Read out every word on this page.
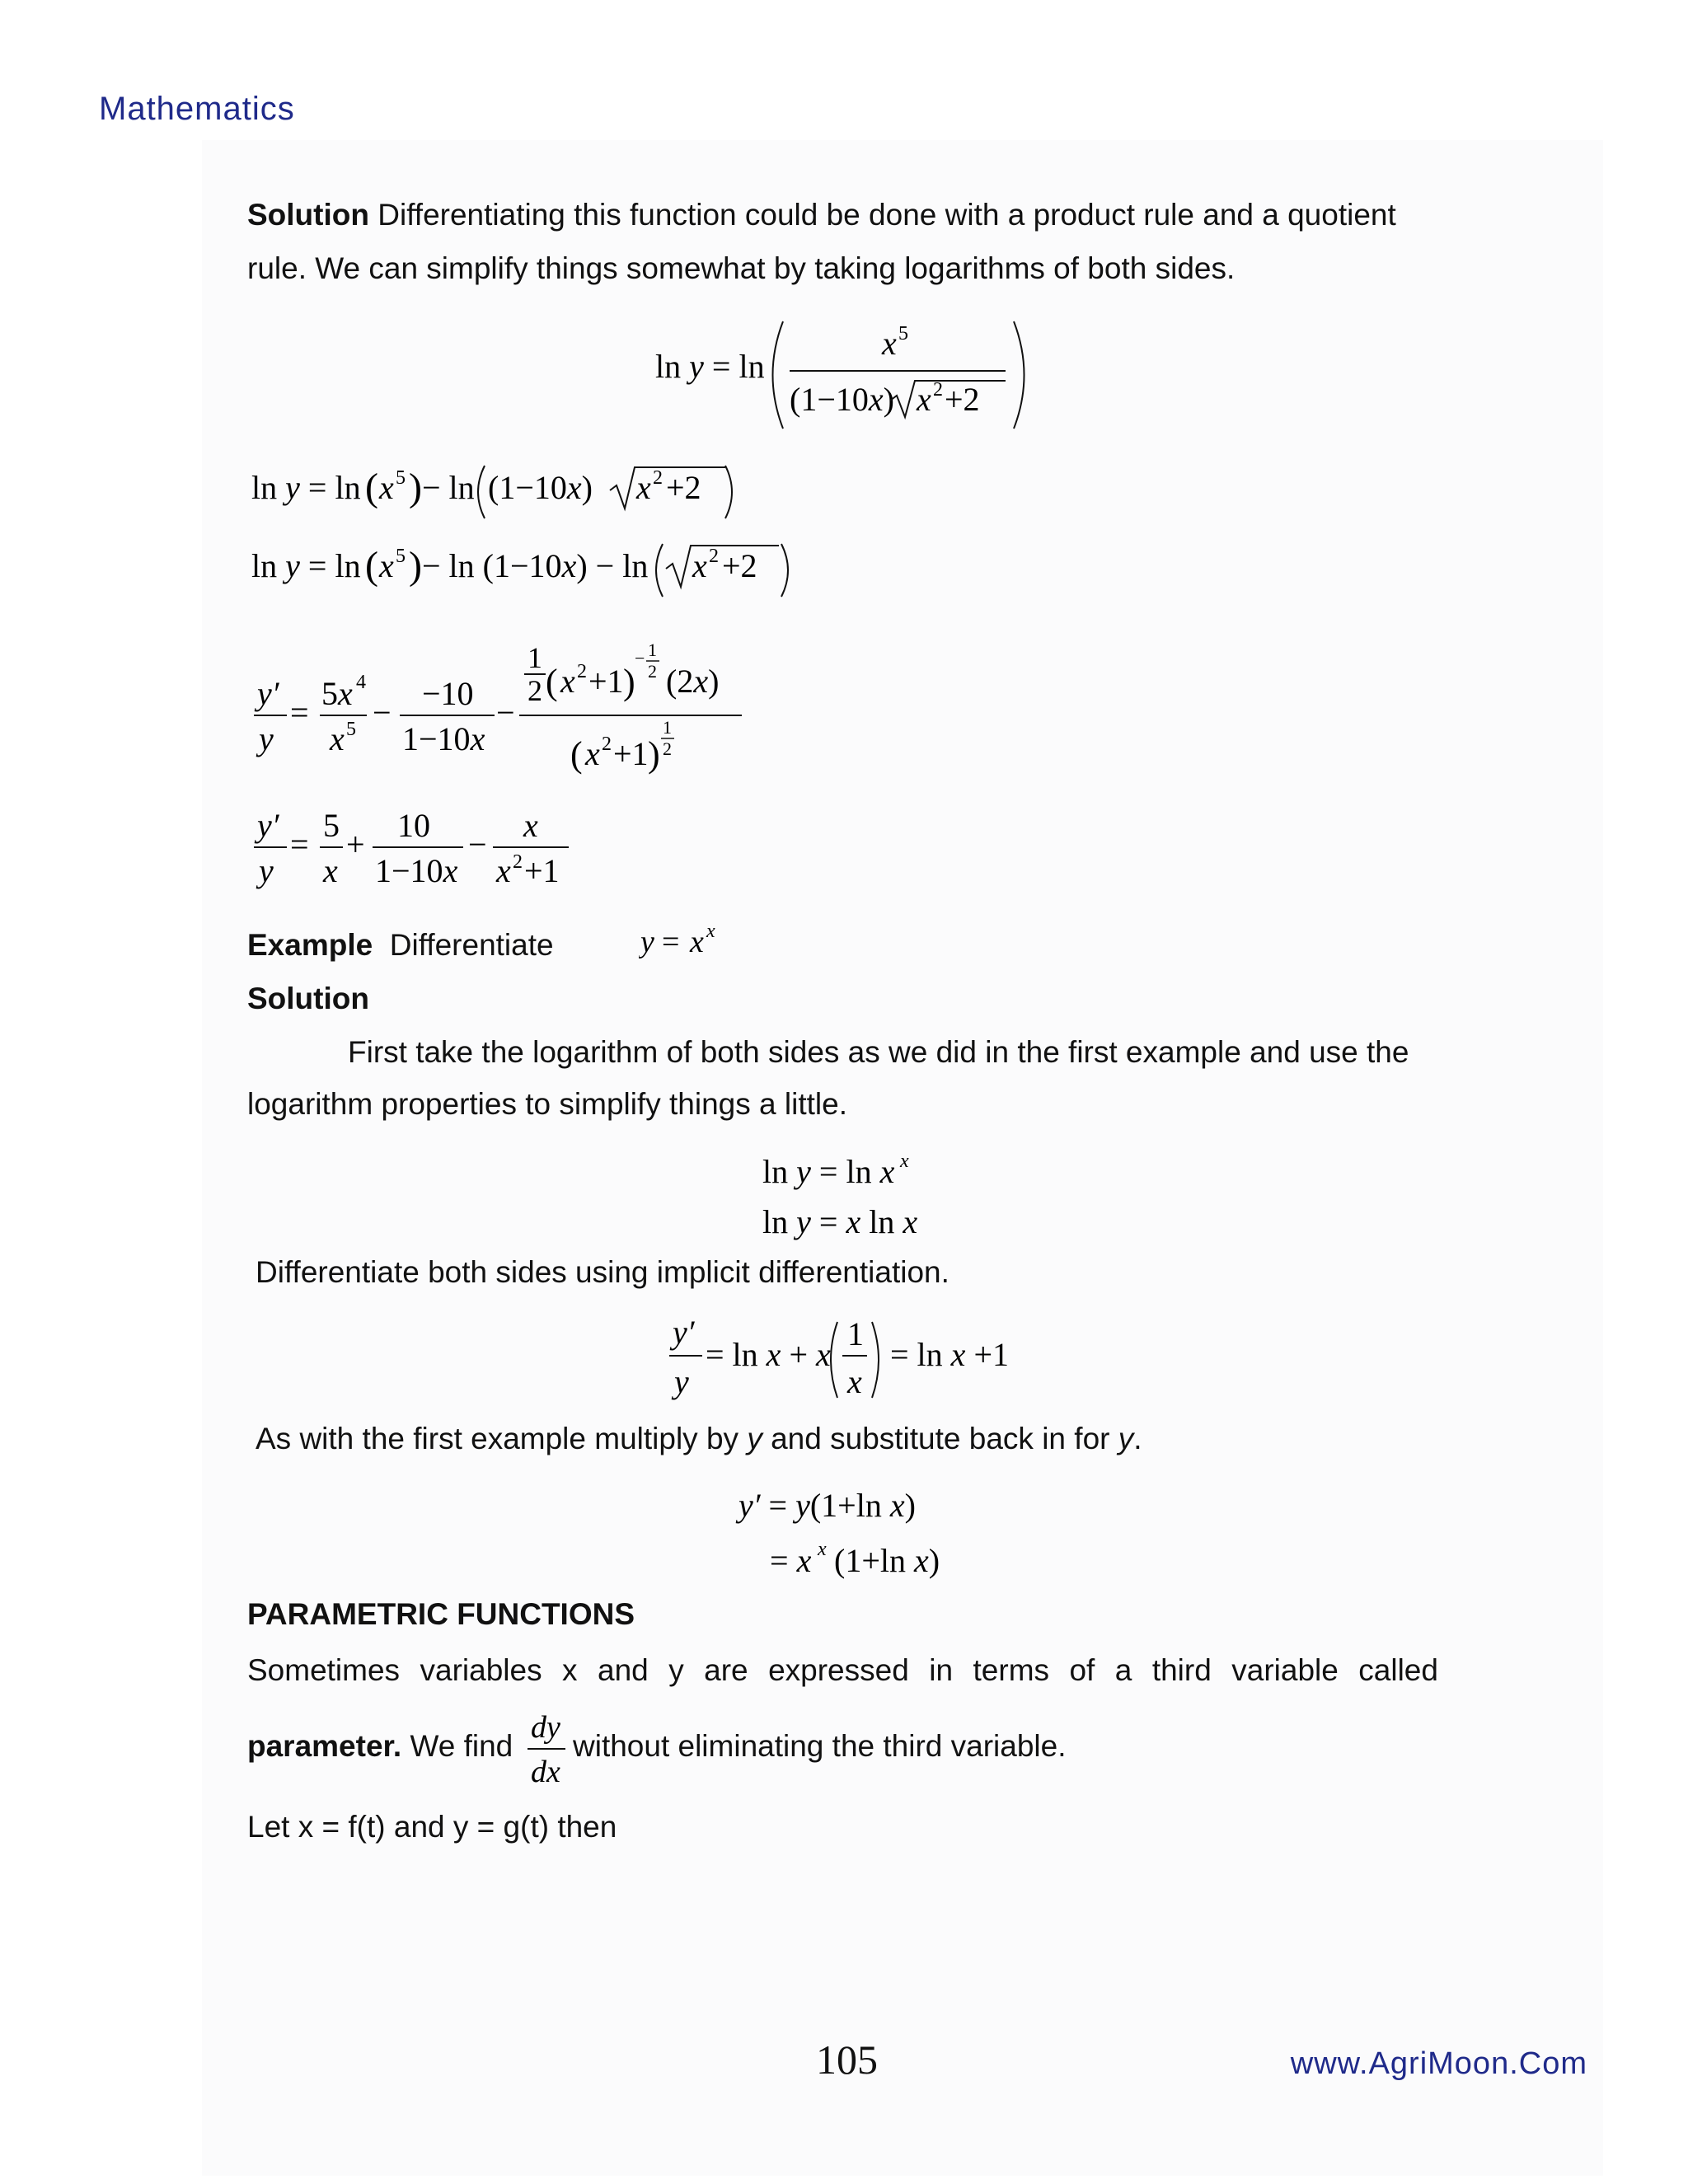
Mathematics
Solution Differentiating this function could be done with a product rule and a quotient
rule. We can simplify things somewhat by taking logarithms of both sides.
ln y = ln
x 5
(1−10x) x 2 +2
ln y = ln ( x 5 ) − ln (1−10x) x 2 +2
ln y = ln ( x 5 ) − ln (1−10x) − ln x 2 +2
y′
y
=
5x 4
x 5 −
−10
1−10x
−
1
2 ( x 2 +1 )
− 1
2 (2x)
( x 2 +1 )
1
2
y′
y
=
5
x
+
10
1−10x
−
x
x 2 +1
Example Differentiate	y = x x
Solution
First take the logarithm of both sides as we did in the first example and use the
logarithm properties to simplify things a little.
ln y = ln x x
ln y = x ln x
Differentiate both sides using implicit differentiation.
y′
y
= ln x + x
1
x
= ln x +1
As with the first example multiply by y and substitute back in for y.
y′ = y(1+ln x)
= x x (1+ln x)
PARAMETRIC FUNCTIONS
Sometimes variables x and y are expressed in terms of a third variable called
parameter. We find
dy
dx
without eliminating the third variable.
Let x = f(t) and y = g(t) then
105	www.AgriMoon.Com
